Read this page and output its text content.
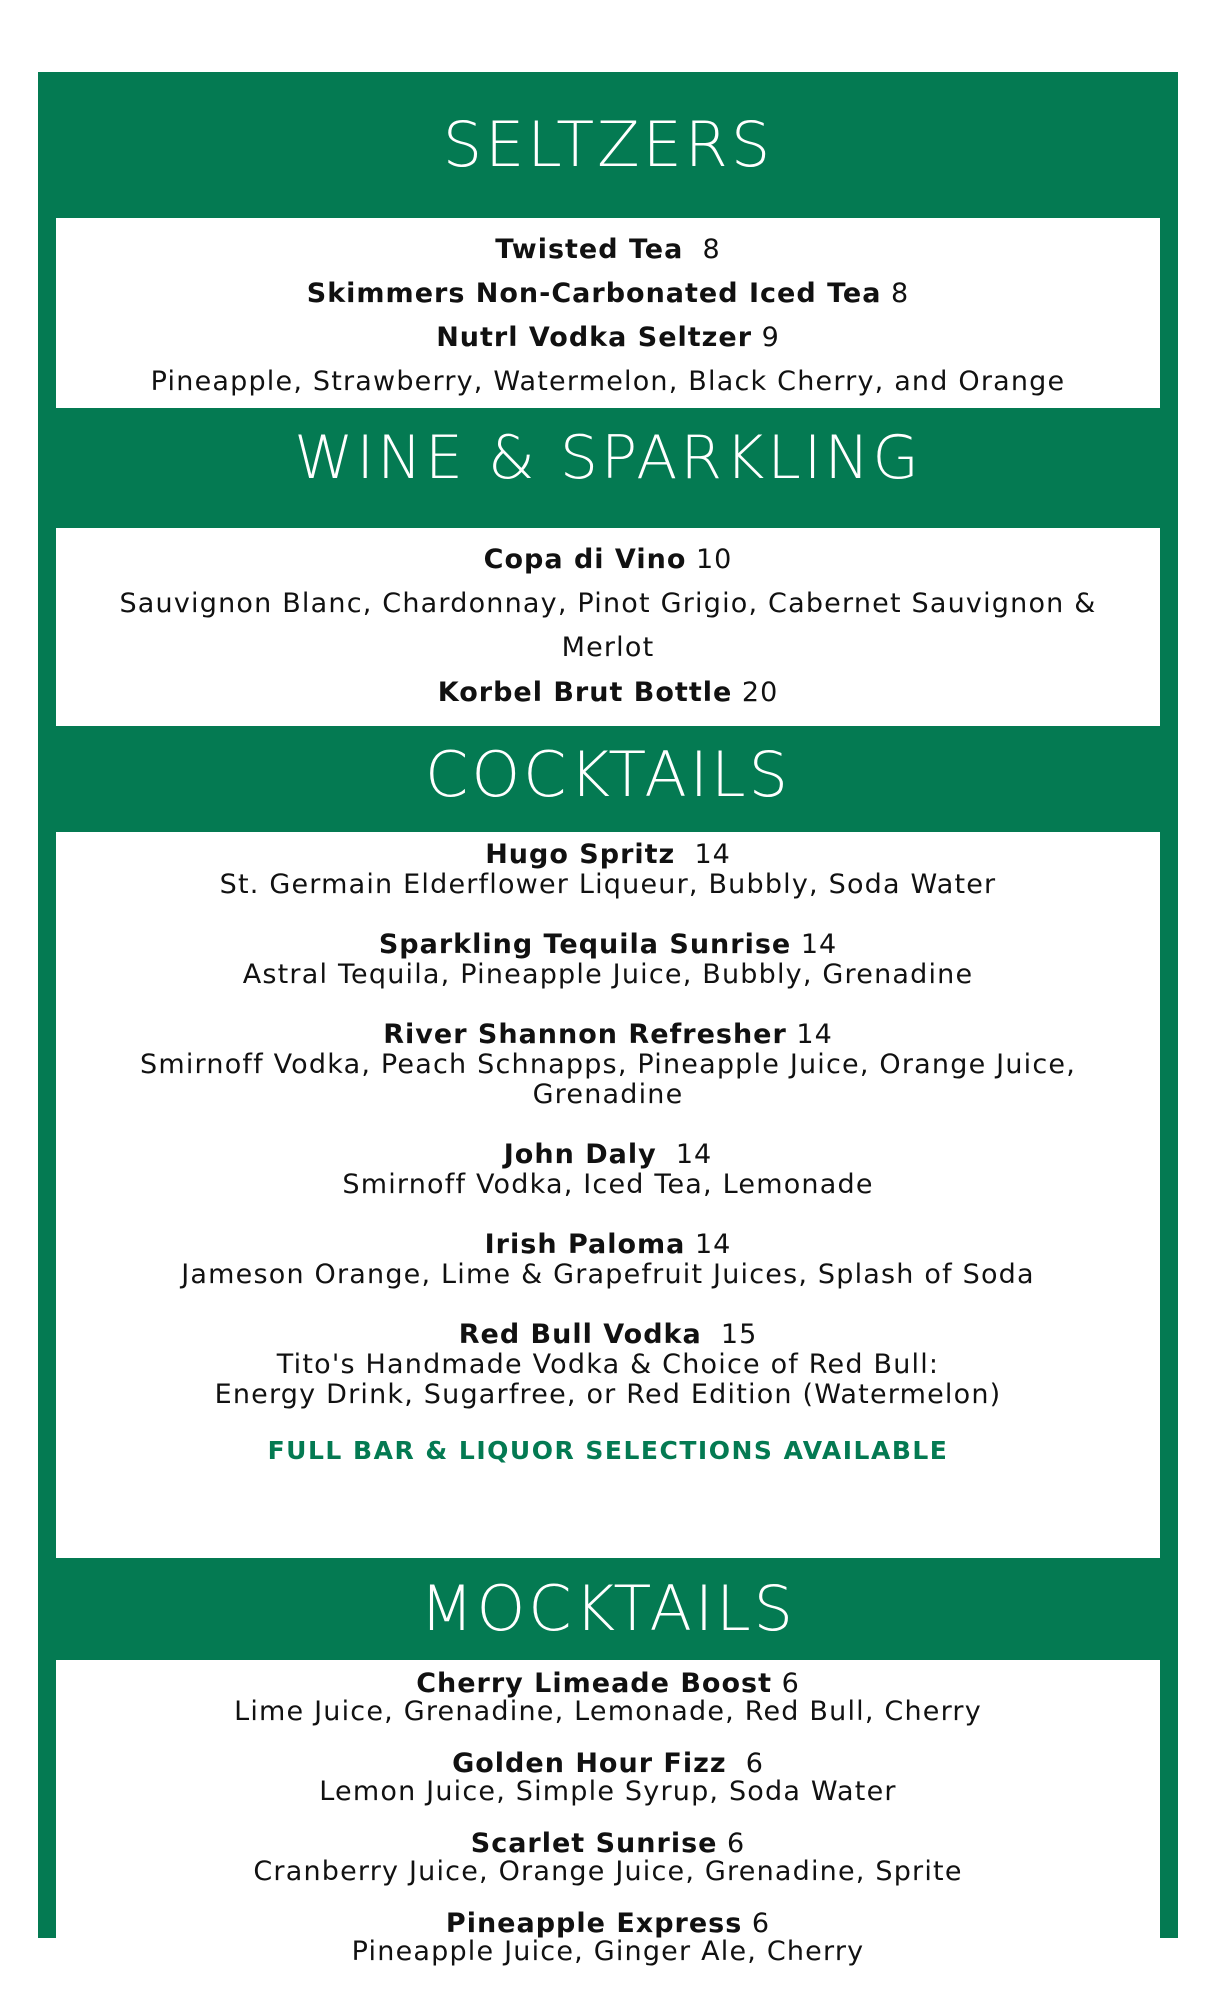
SELTZERS

Twisted Tea 8

Skimmers Non-Carbonated Iced Tea 8

Nutrl Vodka Seltzer 9

Pineapple, Strawberry, Watermelon, Black Cherry, and Orange

WINE & SPARKLING

Copa di Vino 10

Sauvignon Blanc, Chardonnay, Pinot Grigio, Cabernet Sauvignon & Merlot

Korbel Brut Bottle 20

COCKTAILS

Hugo Spritz 14

St. Germain Elderflower Liqueur, Bubbly, Soda Water

Sparkling Tequila Sunrise 14

Astral Tequila, Pineapple Juice, Bubbly, Grenadine

River Shannon Refresher 14

Smirnoff Vodka, Peach Schnapps, Pineapple Juice, Orange Juice, Grenadine

John Daly 14

Smirnoff Vodka, Iced Tea, Lemonade

Irish Paloma 14

Jameson Orange, Lime & Grapefruit Juices, Splash of Soda

Red Bull Vodka 15

Tito's Handmade Vodka & Choice of Red Bull:

Energy Drink, Sugarfree, or Red Edition (Watermelon)

FULL BAR & LIQUOR SELECTIONS AVAILABLE

MOCKTAILS

Cherry Limeade Boost 6

Lime Juice, Grenadine, Lemonade, Red Bull, Cherry

Golden Hour Fizz 6

Lemon Juice, Simple Syrup, Soda Water

Scarlet Sunrise 6

Cranberry Juice, Orange Juice, Grenadine, Sprite

Pineapple Express 6

Pineapple Juice, Ginger Ale, Cherry
